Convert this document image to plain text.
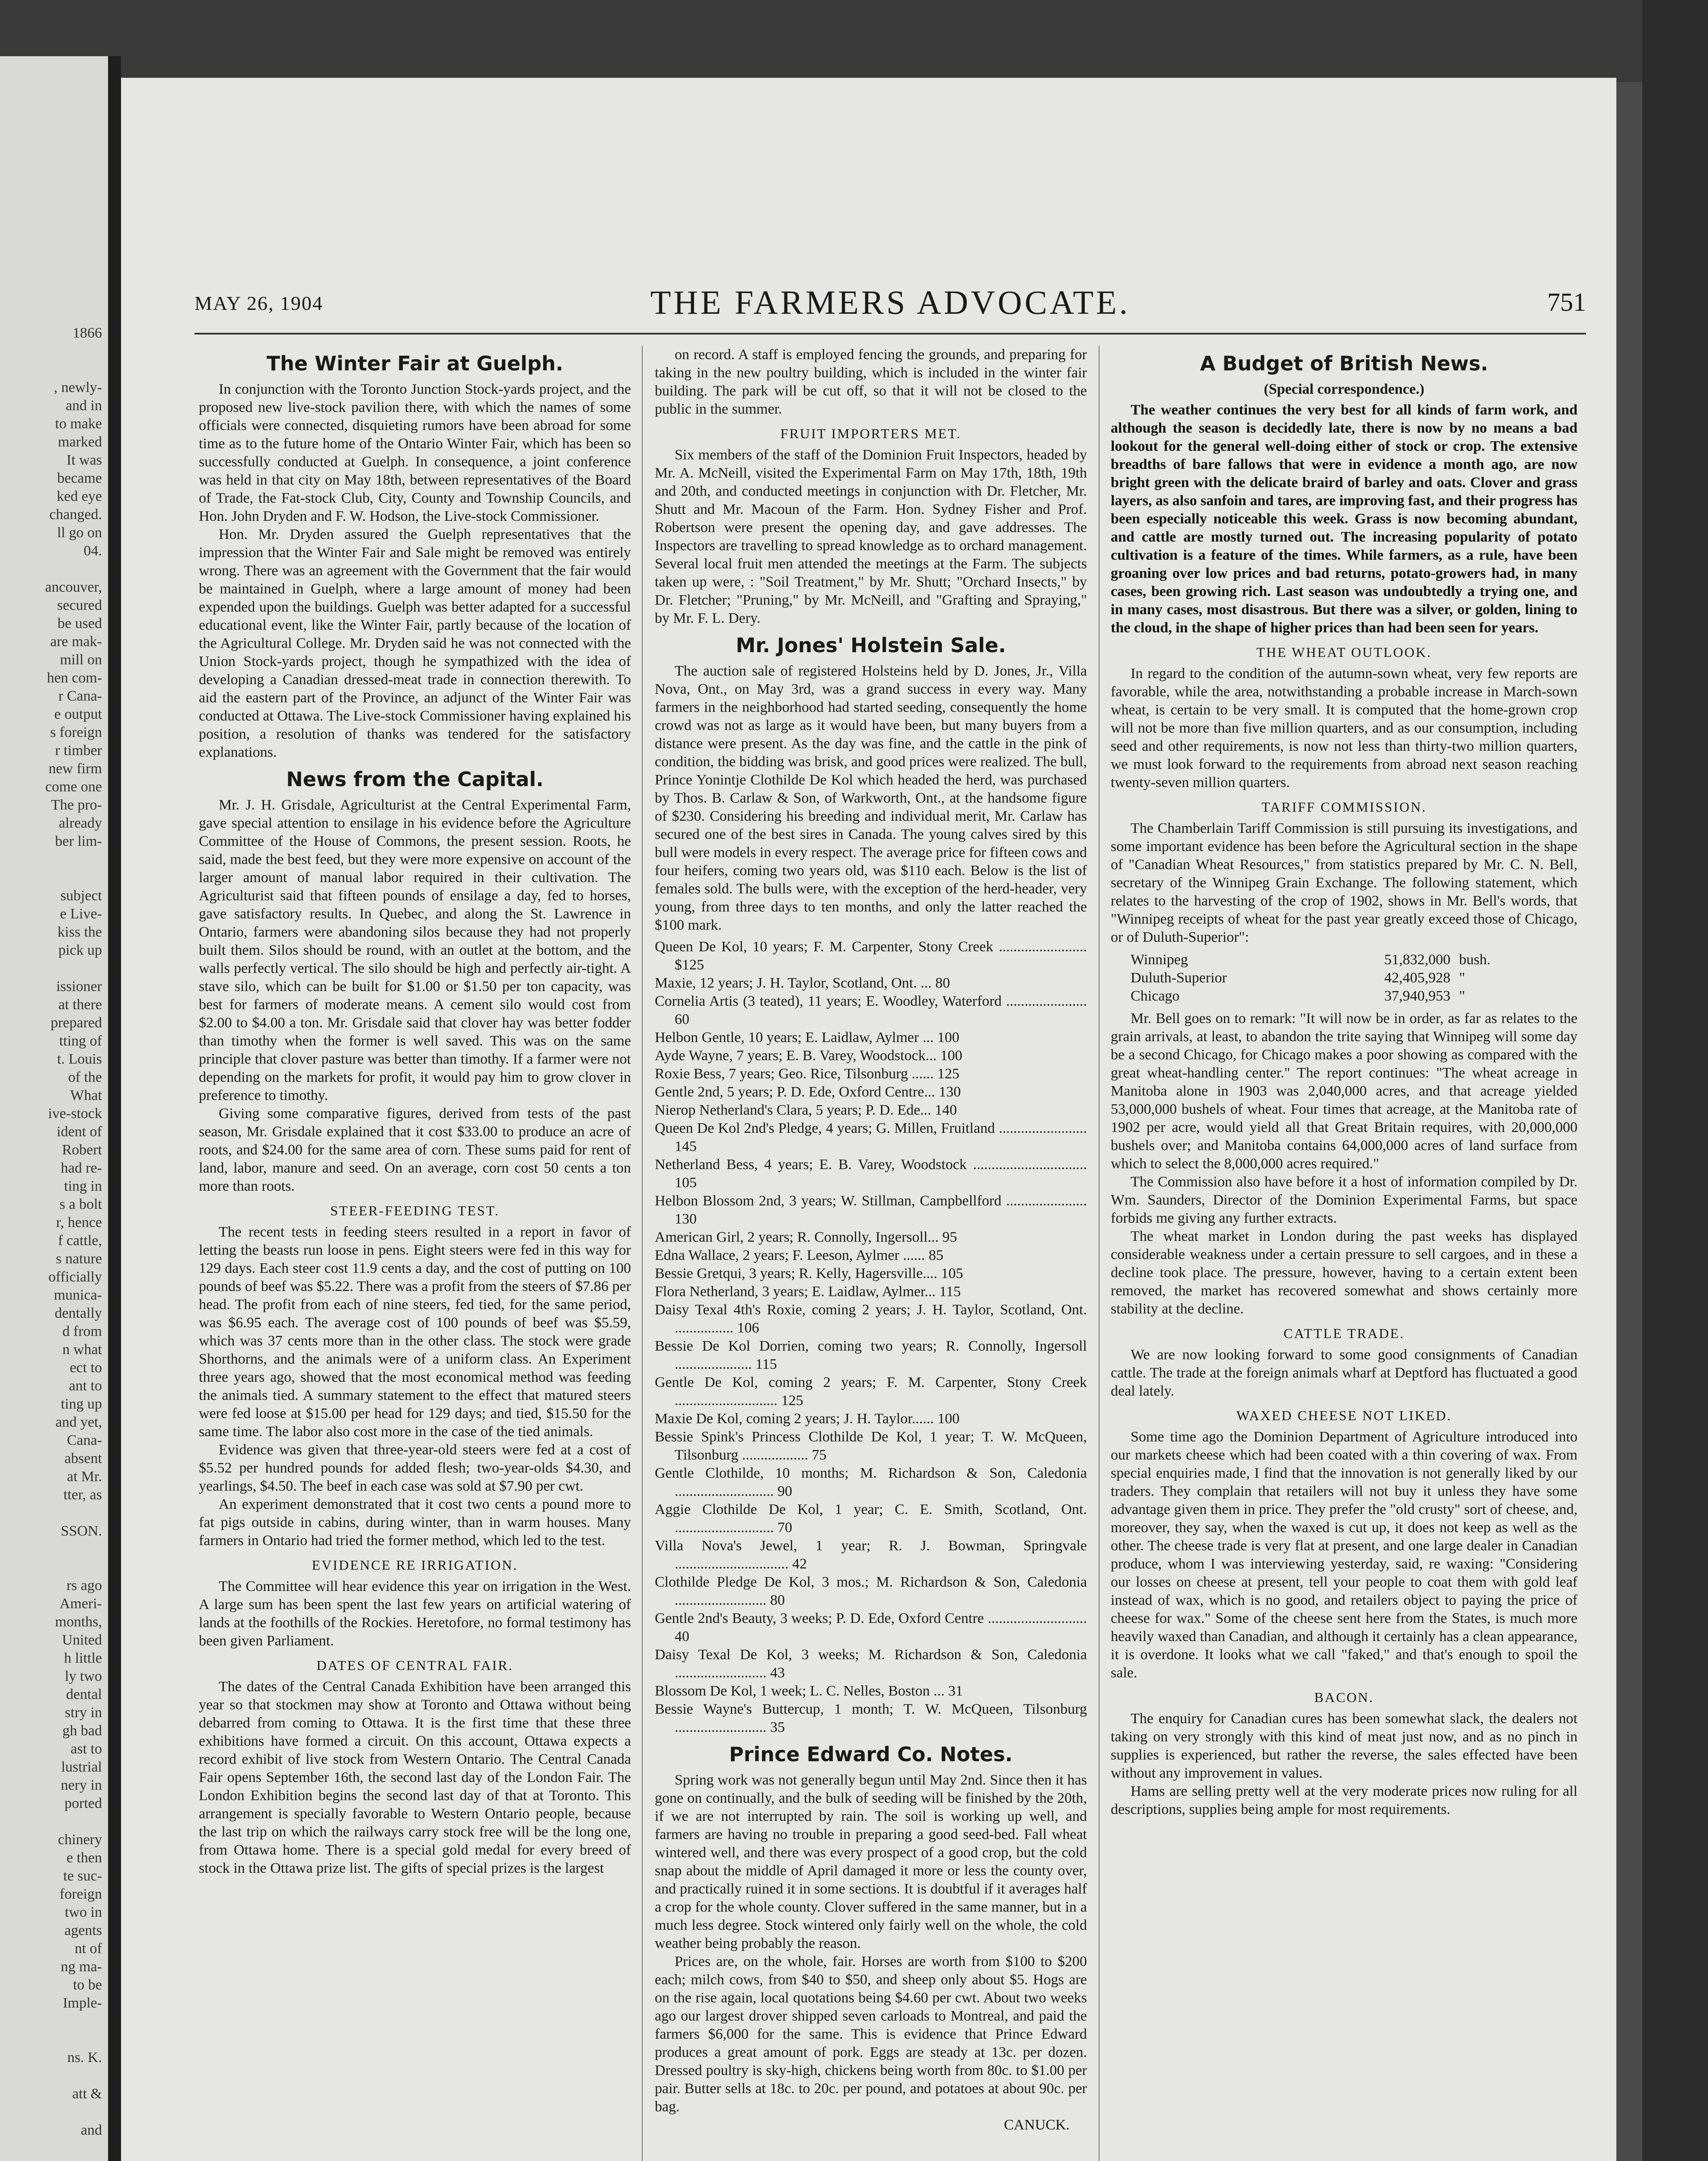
1866

, newly-
and in
to make
marked
It was
became
ked eye
changed.
ll go on
04.

ancouver,
secured
be used
are mak-
mill on
hen com-
r Cana-
e output
s foreign
r timber
new firm
come one
The pro-
already
ber lim-

subject
e Live-
kiss the
pick up

issioner
at there
prepared
tting of
t. Louis
of the
What
ive-stock
ident of
Robert
had re-
ting in
s a bolt
r, hence
f cattle,
s nature
officially
municа-
dentally
d from
n what
ect to
ant to
ting up
and yet,
Cana-
absent
at Mr.
tter, as

SSON.

rs ago
Ameri-
months,
United
h little
ly two
dental
stry in
gh bad
ast to
lustrial
nery in
ported

chinery
e then
te suc-
foreign
two in
agents
nt of
ng ma-
to be
Imple-

ns. K.

att &

and

MAY 26, 1904	THE FARMERS ADVOCATE.	751
The Winter Fair at Guelph.

In conjunction with the Toronto Junction Stock-yards project, and the proposed new live-stock pavilion there, with which the names of some officials were connected, disquieting rumors have been abroad for some time as to the future home of the Ontario Winter Fair, which has been so successfully conducted at Guelph. In consequence, a joint conference was held in that city on May 18th, between representatives of the Board of Trade, the Fat-stock Club, City, County and Township Councils, and Hon. John Dryden and F. W. Hodson, the Live-stock Commissioner.

Hon. Mr. Dryden assured the Guelph representatives that the impression that the Winter Fair and Sale might be removed was entirely wrong. There was an agreement with the Government that the fair would be maintained in Guelph, where a large amount of money had been expended upon the buildings. Guelph was better adapted for a successful educational event, like the Winter Fair, partly because of the location of the Agricultural College. Mr. Dryden said he was not connected with the Union Stock-yards project, though he sympathized with the idea of developing a Canadian dressed-meat trade in connection therewith. To aid the eastern part of the Province, an adjunct of the Winter Fair was conducted at Ottawa. The Live-stock Commissioner having explained his position, a resolution of thanks was tendered for the satisfactory explanations.

News from the Capital.

Mr. J. H. Grisdale, Agriculturist at the Central Experimental Farm, gave special attention to ensilage in his evidence before the Agriculture Committee of the House of Commons, the present session. Roots, he said, made the best feed, but they were more expensive on account of the larger amount of manual labor required in their cultivation. The Agriculturist said that fifteen pounds of ensilage a day, fed to horses, gave satisfactory results. In Quebec, and along the St. Lawrence in Ontario, farmers were abandoning silos because they had not properly built them. Silos should be round, with an outlet at the bottom, and the walls perfectly vertical. The silo should be high and perfectly air-tight. A stave silo, which can be built for $1.00 or $1.50 per ton capacity, was best for farmers of moderate means. A cement silo would cost from $2.00 to $4.00 a ton. Mr. Grisdale said that clover hay was better fodder than timothy when the former is well saved. This was on the same principle that clover pasture was better than timothy. If a farmer were not depending on the markets for profit, it would pay him to grow clover in preference to timothy.

Giving some comparative figures, derived from tests of the past season, Mr. Grisdale explained that it cost $33.00 to produce an acre of roots, and $24.00 for the same area of corn. These sums paid for rent of land, labor, manure and seed. On an average, corn cost 50 cents a ton more than roots.

STEER-FEEDING TEST.

The recent tests in feeding steers resulted in a report in favor of letting the beasts run loose in pens. Eight steers were fed in this way for 129 days. Each steer cost 11.9 cents a day, and the cost of putting on 100 pounds of beef was $5.22. There was a profit from the steers of $7.86 per head. The profit from each of nine steers, fed tied, for the same period, was $6.95 each. The average cost of 100 pounds of beef was $5.59, which was 37 cents more than in the other class. The stock were grade Shorthorns, and the animals were of a uniform class. An Experiment three years ago, showed that the most economical method was feeding the animals tied. A summary statement to the effect that matured steers were fed loose at $15.00 per head for 129 days; and tied, $15.50 for the same time. The labor also cost more in the case of the tied animals.

Evidence was given that three-year-old steers were fed at a cost of $5.52 per hundred pounds for added flesh; two-year-olds $4.30, and yearlings, $4.50. The beef in each case was sold at $7.90 per cwt.

An experiment demonstrated that it cost two cents a pound more to fat pigs outside in cabins, during winter, than in warm houses. Many farmers in Ontario had tried the former method, which led to the test.

EVIDENCE RE IRRIGATION.

The Committee will hear evidence this year on irrigation in the West. A large sum has been spent the last few years on artificial watering of lands at the foothills of the Rockies. Heretofore, no formal testimony has been given Parliament.

DATES OF CENTRAL FAIR.

The dates of the Central Canada Exhibition have been arranged this year so that stockmen may show at Toronto and Ottawa without being debarred from coming to Ottawa. It is the first time that these three exhibitions have formed a circuit. On this account, Ottawa expects a record exhibit of live stock from Western Ontario. The Central Canada Fair opens September 16th, the second last day of the London Fair. The London Exhibition begins the second last day of that at Toronto. This arrangement is specially favorable to Western Ontario people, because the last trip on which the railways carry stock free will be the long one, from Ottawa home. There is a special gold medal for every breed of stock in the Ottawa prize list. The gifts of special prizes is the largest

on record. A staff is employed fencing the grounds, and preparing for taking in the new poultry building, which is included in the winter fair building. The park will be cut off, so that it will not be closed to the public in the summer.

FRUIT IMPORTERS MET.

Six members of the staff of the Dominion Fruit Inspectors, headed by Mr. A. McNeill, visited the Experimental Farm on May 17th, 18th, 19th and 20th, and conducted meetings in conjunction with Dr. Fletcher, Mr. Shutt and Mr. Macoun of the Farm. Hon. Sydney Fisher and Prof. Robertson were present the opening day, and gave addresses. The Inspectors are travelling to spread knowledge as to orchard management. Several local fruit men attended the meetings at the Farm. The subjects taken up were, : "Soil Treatment," by Mr. Shutt; "Orchard Insects," by Dr. Fletcher; "Pruning," by Mr. McNeill, and "Grafting and Spraying," by Mr. F. L. Dery.

Mr. Jones' Holstein Sale.

The auction sale of registered Holsteins held by D. Jones, Jr., Villa Nova, Ont., on May 3rd, was a grand success in every way. Many farmers in the neighborhood had started seeding, consequently the home crowd was not as large as it would have been, but many buyers from a distance were present. As the day was fine, and the cattle in the pink of condition, the bidding was brisk, and good prices were realized. The bull, Prince Yonintje Clothilde De Kol which headed the herd, was purchased by Thos. B. Carlaw & Son, of Warkworth, Ont., at the handsome figure of $230. Considering his breeding and individual merit, Mr. Carlaw has secured one of the best sires in Canada. The young calves sired by this bull were models in every respect. The average price for fifteen cows and four heifers, coming two years old, was $110 each. Below is the list of females sold. The bulls were, with the exception of the herd-header, very young, from three days to ten months, and only the latter reached the $100 mark.

Queen De Kol, 10 years; F. M. Carpenter, Stony Creek ........................ $125
Maxie, 12 years; J. H. Taylor, Scotland, Ont. ... 80
Cornelia Artis (3 teated), 11 years; E. Woodley, Waterford ...................... 60
Helbon Gentle, 10 years; E. Laidlaw, Aylmer ... 100
Ayde Wayne, 7 years; E. B. Varey, Woodstock... 100
Roxie Bess, 7 years; Geo. Rice, Tilsonburg ...... 125
Gentle 2nd, 5 years; P. D. Ede, Oxford Centre... 130
Nierop Netherland's Clara, 5 years; P. D. Ede... 140
Queen De Kol 2nd's Pledge, 4 years; G. Millen, Fruitland ........................ 145
Netherland Bess, 4 years; E. B. Varey, Woodstock ............................... 105
Helbon Blossom 2nd, 3 years; W. Stillman, Campbellford ...................... 130
American Girl, 2 years; R. Connolly, Ingersoll... 95
Edna Wallace, 2 years; F. Leeson, Aylmer ...... 85
Bessie Gretqui, 3 years; R. Kelly, Hagersville.... 105
Flora Netherland, 3 years; E. Laidlaw, Aylmer... 115
Daisy Texal 4th's Roxie, coming 2 years; J. H. Taylor, Scotland, Ont. ................ 106
Bessie De Kol Dorrien, coming two years; R. Connolly, Ingersoll ..................... 115
Gentle De Kol, coming 2 years; F. M. Carpenter, Stony Creek ............................ 125
Maxie De Kol, coming 2 years; J. H. Taylor...... 100
Bessie Spink's Princess Clothilde De Kol, 1 year; T. W. McQueen, Tilsonburg .................. 75
Gentle Clothilde, 10 months; M. Richardson & Son, Caledonia ........................... 90
Aggie Clothilde De Kol, 1 year; C. E. Smith, Scotland, Ont. ........................... 70
Villa Nova's Jewel, 1 year; R. J. Bowman, Springvale ............................... 42
Clothilde Pledge De Kol, 3 mos.; M. Richardson & Son, Caledonia ......................... 80
Gentle 2nd's Beauty, 3 weeks; P. D. Ede, Oxford Centre ........................... 40
Daisy Texal De Kol, 3 weeks; M. Richardson & Son, Caledonia ......................... 43
Blossom De Kol, 1 week; L. C. Nelles, Boston ... 31
Bessie Wayne's Buttercup, 1 month; T. W. McQueen, Tilsonburg ......................... 35
Prince Edward Co. Notes.

Spring work was not generally begun until May 2nd. Since then it has gone on continually, and the bulk of seeding will be finished by the 20th, if we are not interrupted by rain. The soil is working up well, and farmers are having no trouble in preparing a good seed-bed. Fall wheat wintered well, and there was every prospect of a good crop, but the cold snap about the middle of April damaged it more or less the county over, and practically ruined it in some sections. It is doubtful if it averages half a crop for the whole county. Clover suffered in the same manner, but in a much less degree. Stock wintered only fairly well on the whole, the cold weather being probably the reason.

Prices are, on the whole, fair. Horses are worth from $100 to $200 each; milch cows, from $40 to $50, and sheep only about $5. Hogs are on the rise again, local quotations being $4.60 per cwt. About two weeks ago our largest drover shipped seven carloads to Montreal, and paid the farmers $6,000 for the same. This is evidence that Prince Edward produces a great amount of pork. Eggs are steady at 13c. per dozen. Dressed poultry is sky-high, chickens being worth from 80c. to $1.00 per pair. Butter sells at 18c. to 20c. per pound, and potatoes at about 90c. per bag.

CANUCK.
A Budget of British News.
(Special correspondence.)

The weather continues the very best for all kinds of farm work, and although the season is decidedly late, there is now by no means a bad lookout for the general well-doing either of stock or crop. The extensive breadths of bare fallows that were in evidence a month ago, are now bright green with the delicate braird of barley and oats. Clover and grass layers, as also sanfoin and tares, are improving fast, and their progress has been especially noticeable this week. Grass is now becoming abundant, and cattle are mostly turned out. The increasing popularity of potato cultivation is a feature of the times. While farmers, as a rule, have been groaning over low prices and bad returns, potato-growers had, in many cases, been growing rich. Last season was undoubtedly a trying one, and in many cases, most disastrous. But there was a silver, or golden, lining to the cloud, in the shape of higher prices than had been seen for years.

THE WHEAT OUTLOOK.

In regard to the condition of the autumn-sown wheat, very few reports are favorable, while the area, notwithstanding a probable increase in March-sown wheat, is certain to be very small. It is computed that the home-grown crop will not be more than five million quarters, and as our consumption, including seed and other requirements, is now not less than thirty-two million quarters, we must look forward to the requirements from abroad next season reaching twenty-seven million quarters.

TARIFF COMMISSION.

The Chamberlain Tariff Commission is still pursuing its investigations, and some important evidence has been before the Agricultural section in the shape of "Canadian Wheat Resources," from statistics prepared by Mr. C. N. Bell, secretary of the Winnipeg Grain Exchange. The following statement, which relates to the harvesting of the crop of 1902, shows in Mr. Bell's words, that "Winnipeg receipts of wheat for the past year greatly exceed those of Chicago, or of Duluth-Superior":

Winnipeg	51,832,000 bush.
Duluth-Superior	42,405,928 "
Chicago	37,940,953 "

Mr. Bell goes on to remark: "It will now be in order, as far as relates to the grain arrivals, at least, to abandon the trite saying that Winnipeg will some day be a second Chicago, for Chicago makes a poor showing as compared with the great wheat-handling center." The report continues: "The wheat acreage in Manitoba alone in 1903 was 2,040,000 acres, and that acreage yielded 53,000,000 bushels of wheat. Four times that acreage, at the Manitoba rate of 1902 per acre, would yield all that Great Britain requires, with 20,000,000 bushels over; and Manitoba contains 64,000,000 acres of land surface from which to select the 8,000,000 acres required."

The Commission also have before it a host of information compiled by Dr. Wm. Saunders, Director of the Dominion Experimental Farms, but space forbids me giving any further extracts.

The wheat market in London during the past weeks has displayed considerable weakness under a certain pressure to sell cargoes, and in these a decline took place. The pressure, however, having to a certain extent been removed, the market has recovered somewhat and shows certainly more stability at the decline.

CATTLE TRADE.

We are now looking forward to some good consignments of Canadian cattle. The trade at the foreign animals wharf at Deptford has fluctuated a good deal lately.

WAXED CHEESE NOT LIKED.

Some time ago the Dominion Department of Agriculture introduced into our markets cheese which had been coated with a thin covering of wax. From special enquiries made, I find that the innovation is not generally liked by our traders. They complain that retailers will not buy it unless they have some advantage given them in price. They prefer the "old crusty" sort of cheese, and, moreover, they say, when the waxed is cut up, it does not keep as well as the other. The cheese trade is very flat at present, and one large dealer in Canadian produce, whom I was interviewing yesterday, said, re waxing: "Considering our losses on cheese at present, tell your people to coat them with gold leaf instead of wax, which is no good, and retailers object to paying the price of cheese for wax." Some of the cheese sent here from the States, is much more heavily waxed than Canadian, and although it certainly has a clean appearance, it is overdone. It looks what we call "faked," and that's enough to spoil the sale.

BACON.

The enquiry for Canadian cures has been somewhat slack, the dealers not taking on very strongly with this kind of meat just now, and as no pinch in supplies is experienced, but rather the reverse, the sales effected have been without any improvement in values.

Hams are selling pretty well at the very moderate prices now ruling for all descriptions, supplies being ample for most requirements.
